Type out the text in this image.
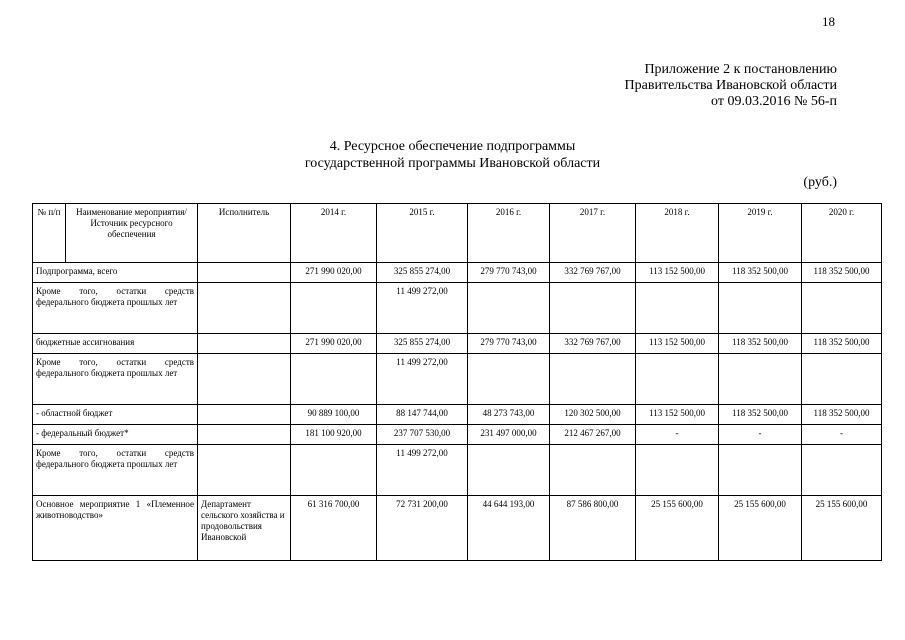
18
Приложение 2 к постановлению
Правительства Ивановской области
от 09.03.2016 № 56-п
4. Ресурсное обеспечение подпрограммы
государственной программы Ивановской области
(руб.)
№ п/п	Наименование мероприятия/ Источник ресурсного обеспечения	Исполнитель	2014 г.	2015 г.	2016 г.	2017 г.	2018 г.	2019 г.	2020 г.
Подпрограмма, всего			271 990 020,00	325 855 274,00	279 770 743,00	332 769 767,00	113 152 500,00	118 352 500,00	118 352 500,00
Кроме того, остатки средств федерального бюджета прошлых лет				11 499 272,00					
бюджетные ассигнования			271 990 020,00	325 855 274,00	279 770 743,00	332 769 767,00	113 152 500,00	118 352 500,00	118 352 500,00
Кроме того, остатки средств федерального бюджета прошлых лет				11 499 272,00					
- областной бюджет			90 889 100,00	88 147 744,00	48 273 743,00	120 302 500,00	113 152 500,00	118 352 500,00	118 352 500,00
- федеральный бюджет*			181 100 920,00	237 707 530,00	231 497 000,00	212 467 267,00	-	-	-
Кроме того, остатки средств федерального бюджета прошлых лет				11 499 272,00					
Основное мероприятие 1 «Племенное животноводство»		Департамент сельского хозяйства и продовольствия Ивановской	61 316 700,00	72 731 200,00	44 644 193,00	87 586 800,00	25 155 600,00	25 155 600,00	25 155 600,00
